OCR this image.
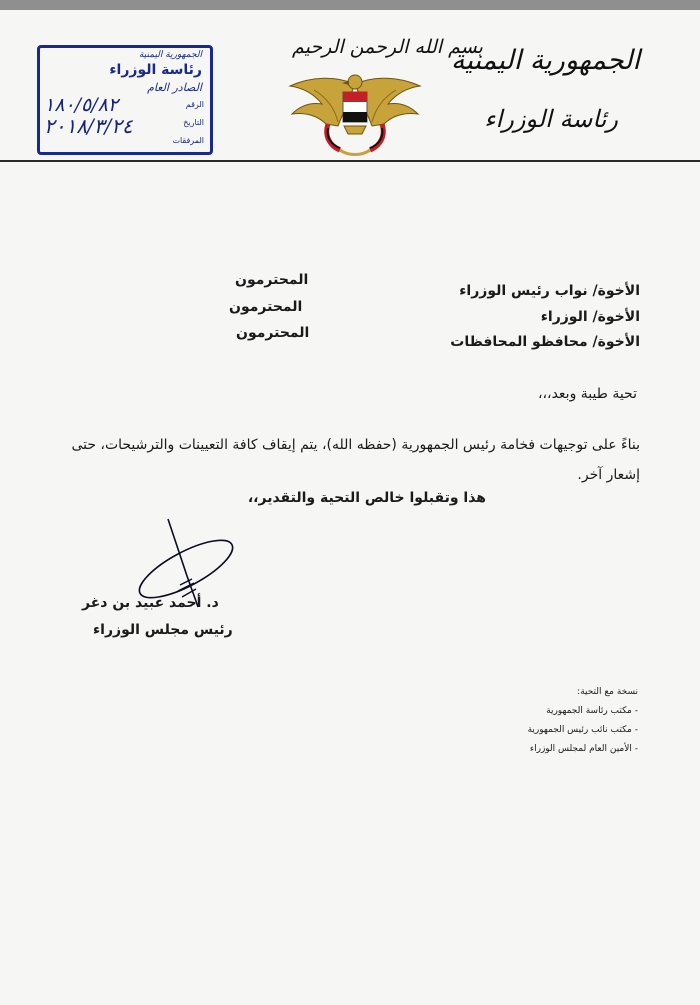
الجمهورية اليمنية
رئاسة الوزراء
بسم الله الرحمن الرحيم
الجمهورية اليمنية
رئاسة الوزراء
الصادر العام
الرقم
التاريخ
المرفقات
١٨٠/٥/٨٢
٢٠١٨/٣/٢٤
الأخوة/ نواب رئيس الوزراء
الأخوة/ الوزراء
الأخوة/ محافظو المحافظات
المحترمون
المحترمون
المحترمون
تحية طيبة وبعد،،،
بناءً على توجيهات فخامة رئيس الجمهورية (حفظه الله)، يتم إيقاف كافة التعيينات والترشيحات، حتى إشعار آخر.
هذا وتقبلوا خالص التحية والتقدير،،
د. أحمد عبيد بن دغر
رئيس مجلس الوزراء
نسخة مع التحية:
- مكتب رئاسة الجمهورية
- مكتب نائب رئيس الجمهورية
- الأمين العام لمجلس الوزراء
